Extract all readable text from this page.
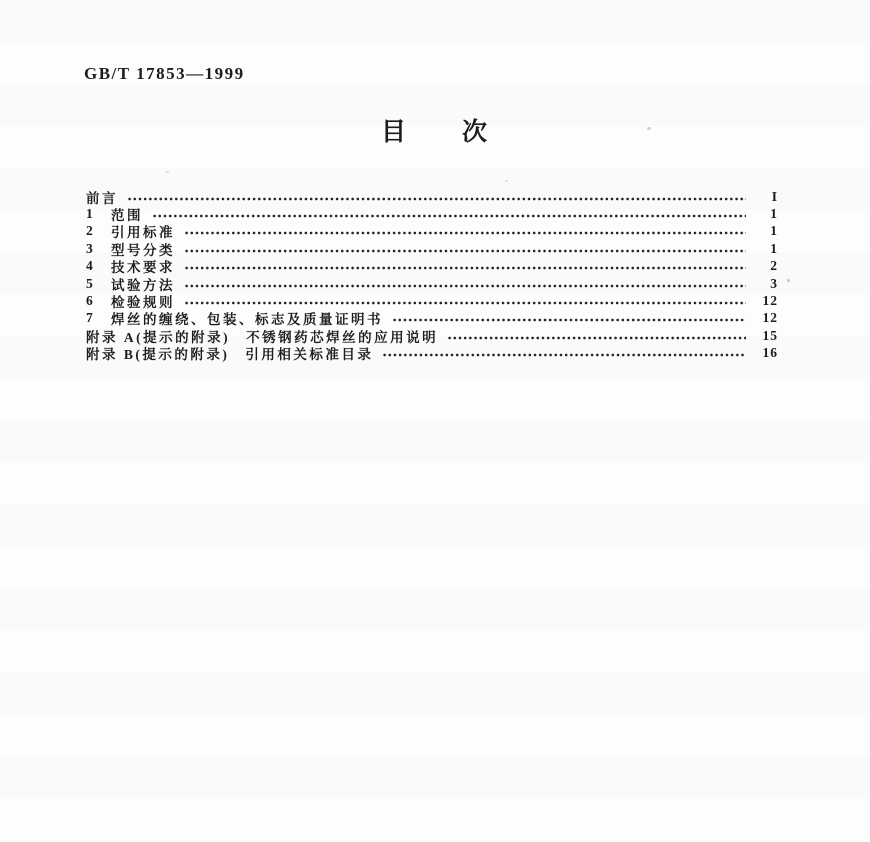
GB/T 17853—1999
目 次
前言	I
1	范围	1
2	引用标准	1
3	型号分类	1
4	技术要求	2
5	试验方法	3
6	检验规则	12
7	焊丝的缠绕、包装、标志及质量证明书	12
附录 A(提示的附录)　不锈钢药芯焊丝的应用说明	15
附录 B(提示的附录)　引用相关标准目录	16
